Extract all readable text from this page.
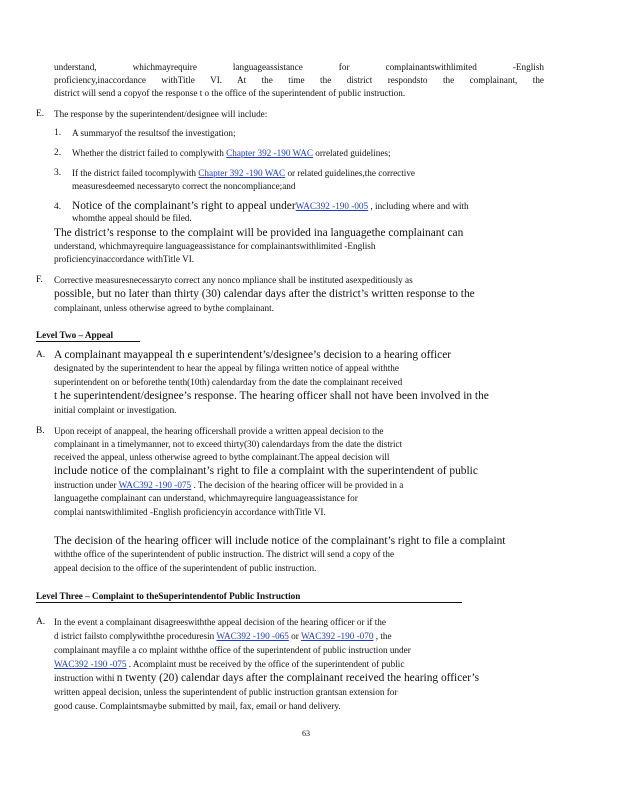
understand, whichmayrequire languageassistance for complainantswithlimited -English
proficiency,inaccordance withTitle VI. At the time the district respondsto the complainant, the
district will send a copyof the response t o the office of the superintendent of public instruction.
E. The response by the superintendent/designee will include:
1. A summaryof the resultsof the investigation;
2. Whether the district failed to complywith Chapter 392 -190 WAC orrelated guidelines;
3. If the district failed tocomplywith Chapter 392 -190 WAC or related guidelines,the corrective
measuresdeemed necessaryto correct the noncompliance;and
4. Notice of the complainant’s right to appeal underWAC392 -190 -005 , including where and with
whomthe appeal should be filed.
The district’s response to the complaint will be provided ina languagethe complainant can
understand, whichmayrequire languageassistance for complainantswithlimited -English
proficiencyinaccordance withTitle VI.
F. Corrective measuresnecessaryto correct any nonco mpliance shall be instituted asexpeditiously as
possible, but no later than thirty (30) calendar days after the district’s written response to the
complainant, unless otherwise agreed to bythe complainant.
Level Two – Appeal
A. A complainant mayappeal th e superintendent’s/designee’s decision to a hearing officer
designated by the superintendent to hear the appeal by filinga written notice of appeal withthe
superintendent on or beforethe tenth(10th) calendarday from the date the complainant received
t he superintendent/designee’s response. The hearing officer shall not have been involved in the
initial complaint or investigation.
B. Upon receipt of anappeal, the hearing officershall provide a written appeal decision to the
complainant in a timelymanner, not to exceed thirty(30) calendardays from the date the district
received the appeal, unless otherwise agreed to bythe complainant.The appeal decision will
include notice of the complainant’s right to file a complaint with the superintendent of public
instruction under WAC392 -190 -075 . The decision of the hearing officer will be provided in a
languagethe complainant can understand, whichmayrequire languageassistance for
complai nantswithlimited -English proficiencyin accordance withTitle VI.
The decision of the hearing officer will include notice of the complainant’s right to file a complaint
withthe office of the superintendent of public instruction. The district will send a copy of the
appeal decision to the office of the superintendent of public instruction.
Level Three – Complaint to theSuperintendentof Public Instruction
A. In the event a complainant disagreeswiththe appeal decision of the hearing officer or if the
d istrict failsto complywiththe proceduresin WAC392 -190 -065 or WAC392 -190 -070 , the
complainant mayfile a co mplaint withthe office of the superintendent of public instruction under
WAC392 -190 -075 . Acomplaint must be received by the office of the superintendent of public
instruction withi n twenty (20) calendar days after the complainant received the hearing officer’s
written appeal decision, unless the superintendent of public instruction grantsan extension for
good cause. Complaintsmaybe submitted by mail, fax, email or hand delivery.
63
